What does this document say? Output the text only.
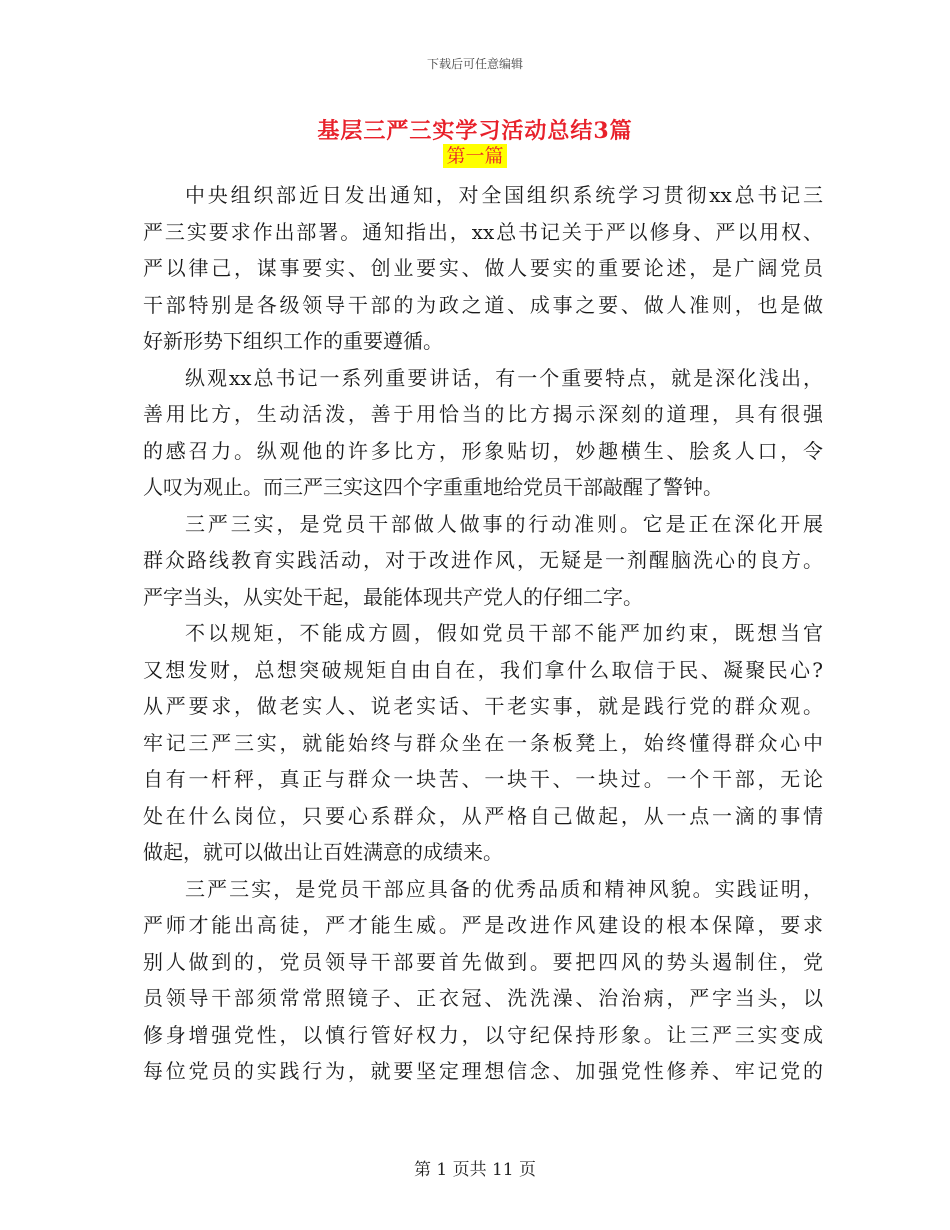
下载后可任意编辑
基层三严三实学习活动总结3篇
第一篇
中央组织部近日发出通知，对全国组织系统学习贯彻xx总书记三
严三实要求作出部署。通知指出，xx总书记关于严以修身、严以用权、
严以律己，谋事要实、创业要实、做人要实的重要论述，是广阔党员
干部特别是各级领导干部的为政之道、成事之要、做人准则，也是做
好新形势下组织工作的重要遵循。
纵观xx总书记一系列重要讲话，有一个重要特点，就是深化浅出，
善用比方，生动活泼，善于用恰当的比方揭示深刻的道理，具有很强
的感召力。纵观他的许多比方，形象贴切，妙趣横生、脍炙人口，令
人叹为观止。而三严三实这四个字重重地给党员干部敲醒了警钟。
三严三实，是党员干部做人做事的行动准则。它是正在深化开展
群众路线教育实践活动，对于改进作风，无疑是一剂醒脑洗心的良方。
严字当头，从实处干起，最能体现共产党人的仔细二字。
不以规矩，不能成方圆，假如党员干部不能严加约束，既想当官
又想发财，总想突破规矩自由自在，我们拿什么取信于民、凝聚民心?
从严要求，做老实人、说老实话、干老实事，就是践行党的群众观。
牢记三严三实，就能始终与群众坐在一条板凳上，始终懂得群众心中
自有一杆秤，真正与群众一块苦、一块干、一块过。一个干部，无论
处在什么岗位，只要心系群众，从严格自己做起，从一点一滴的事情
做起，就可以做出让百姓满意的成绩来。
三严三实，是党员干部应具备的优秀品质和精神风貌。实践证明，
严师才能出高徒，严才能生威。严是改进作风建设的根本保障，要求
别人做到的，党员领导干部要首先做到。要把四风的势头遏制住，党
员领导干部须常常照镜子、正衣冠、洗洗澡、治治病，严字当头，以
修身增强党性，以慎行管好权力，以守纪保持形象。让三严三实变成
每位党员的实践行为，就要坚定理想信念、加强党性修养、牢记党的
第 1 页共 11 页
